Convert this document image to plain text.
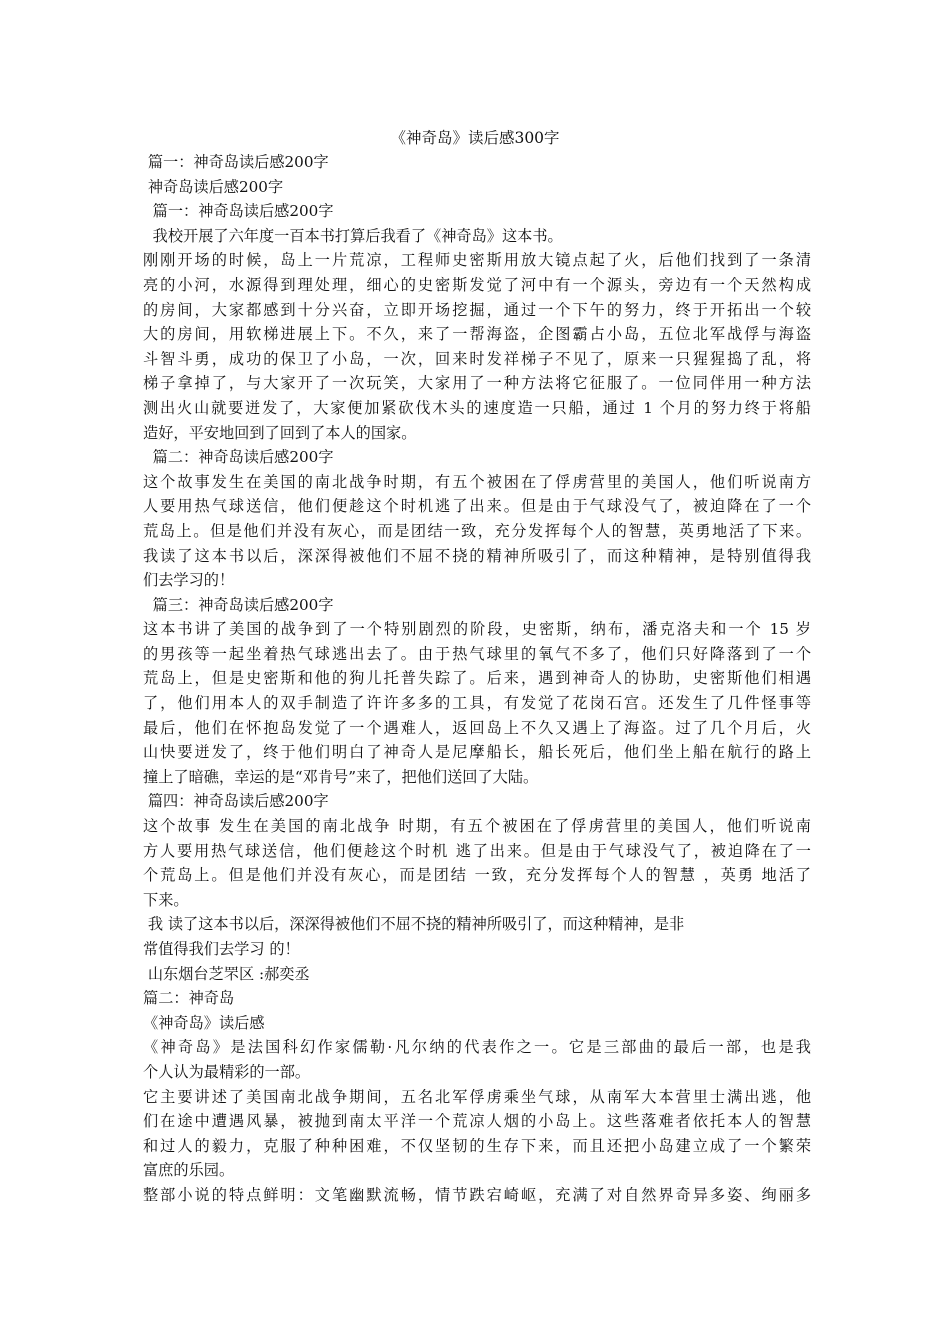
《神奇岛》读后感300字
篇一：神奇岛读后感200字
神奇岛读后感200字
篇一：神奇岛读后感200字
我校开展了六年度一百本书打算后我看了《神奇岛》这本书。
刚刚开场的时候，岛上一片荒凉，工程师史密斯用放大镜点起了火，后他们找到了一条清
亮的小河，水源得到理处理，细心的史密斯发觉了河中有一个源头，旁边有一个天然构成
的房间，大家都感到十分兴奋，立即开场挖掘，通过一个下午的努力，终于开拓出一个较
大的房间，用软梯进展上下。不久，来了一帮海盗，企图霸占小岛，五位北军战俘与海盗
斗智斗勇，成功的保卫了小岛，一次，回来时发祥梯子不见了，原来一只猩猩捣了乱，将
梯子拿掉了，与大家开了一次玩笑，大家用了一种方法将它征服了。一位同伴用一种方法
测出火山就要迸发了，大家便加紧砍伐木头的速度造一只船，通过 1 个月的努力终于将船
造好，平安地回到了回到了本人的国家。
篇二：神奇岛读后感200字
这个故事发生在美国的南北战争时期，有五个被困在了俘虏营里的美国人，他们听说南方
人要用热气球送信，他们便趁这个时机逃了出来。但是由于气球没气了，被迫降在了一个
荒岛上。但是他们并没有灰心，而是团结一致，充分发挥每个人的智慧，英勇地活了下来。
我读了这本书以后，深深得被他们不屈不挠的精神所吸引了，而这种精神，是特别值得我
们去学习的！
篇三：神奇岛读后感200字
这本书讲了美国的战争到了一个特别剧烈的阶段，史密斯，纳布，潘克洛夫和一个 15 岁
的男孩等一起坐着热气球逃出去了。由于热气球里的氧气不多了，他们只好降落到了一个
荒岛上，但是史密斯和他的狗儿托普失踪了。后来，遇到神奇人的协助，史密斯他们相遇
了，他们用本人的双手制造了许许多多的工具，有发觉了花岗石宫。还发生了几件怪事等
最后，他们在怀抱岛发觉了一个遇难人，返回岛上不久又遇上了海盗。过了几个月后，火
山快要迸发了，终于他们明白了神奇人是尼摩船长，船长死后，他们坐上船在航行的路上
撞上了暗礁，幸运的是“邓肯号”来了，把他们送回了大陆。
篇四：神奇岛读后感200字
这个故事 发生在美国的南北战争 时期，有五个被困在了俘虏营里的美国人，他们听说南
方人要用热气球送信，他们便趁这个时机 逃了出来。但是由于气球没气了，被迫降在了一
个荒岛上。但是他们并没有灰心，而是团结 一致，充分发挥每个人的智慧 ，英勇 地活了
下来。
我 读了这本书以后，深深得被他们不屈不挠的精神所吸引了，而这种精神，是非
常值得我们去学习 的！
山东烟台芝罘区 :郝奕丞
篇二：神奇岛
《神奇岛》读后感
《神奇岛》是法国科幻作家儒勒·凡尔纳的代表作之一。它是三部曲的最后一部，也是我
个人认为最精彩的一部。
它主要讲述了美国南北战争期间，五名北军俘虏乘坐气球，从南军大本营里士满出逃，他
们在途中遭遇风暴，被抛到南太平洋一个荒凉人烟的小岛上。这些落难者依托本人的智慧
和过人的毅力，克服了种种困难，不仅坚韧的生存下来，而且还把小岛建立成了一个繁荣
富庶的乐园。
整部小说的特点鲜明：文笔幽默流畅，情节跌宕崎岖，充满了对自然界奇异多姿、绚丽多
